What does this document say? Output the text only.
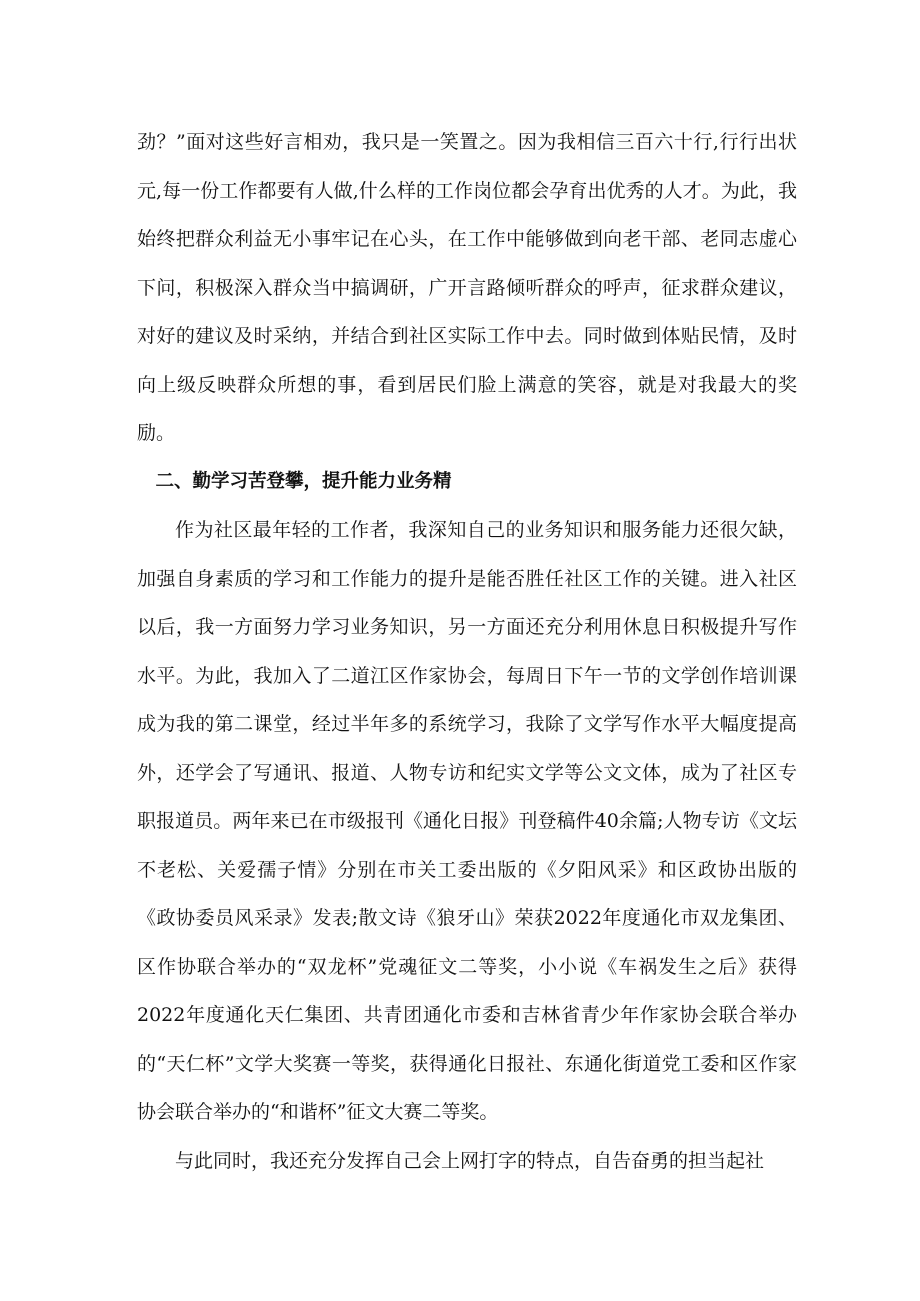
劲？”面对这些好言相劝，我只是一笑置之。因为我相信三百六十行,行行出状元,每一份工作都要有人做,什么样的工作岗位都会孕育出优秀的人才。为此，我始终把群众利益无小事牢记在心头，在工作中能够做到向老干部、老同志虚心下问，积极深入群众当中搞调研，广开言路倾听群众的呼声，征求群众建议，对好的建议及时采纳，并结合到社区实际工作中去。同时做到体贴民情，及时向上级反映群众所想的事，看到居民们脸上满意的笑容，就是对我最大的奖励。

二、勤学习苦登攀，提升能力业务精

作为社区最年轻的工作者，我深知自己的业务知识和服务能力还很欠缺，加强自身素质的学习和工作能力的提升是能否胜任社区工作的关键。进入社区以后，我一方面努力学习业务知识，另一方面还充分利用休息日积极提升写作水平。为此，我加入了二道江区作家协会，每周日下午一节的文学创作培训课成为我的第二课堂，经过半年多的系统学习，我除了文学写作水平大幅度提高外，还学会了写通讯、报道、人物专访和纪实文学等公文文体，成为了社区专职报道员。两年来已在市级报刊《通化日报》刊登稿件40余篇;人物专访《文坛不老松、关爱孺子情》分别在市关工委出版的《夕阳风采》和区政协出版的《政协委员风采录》发表;散文诗《狼牙山》荣获2022年度通化市双龙集团、区作协联合举办的“双龙杯”党魂征文二等奖，小小说《车祸发生之后》获得2022年度通化天仁集团、共青团通化市委和吉林省青少年作家协会联合举办的“天仁杯”文学大奖赛一等奖，获得通化日报社、东通化街道党工委和区作家协会联合举办的“和谐杯”征文大赛二等奖。

与此同时，我还充分发挥自己会上网打字的特点，自告奋勇的担当起社
